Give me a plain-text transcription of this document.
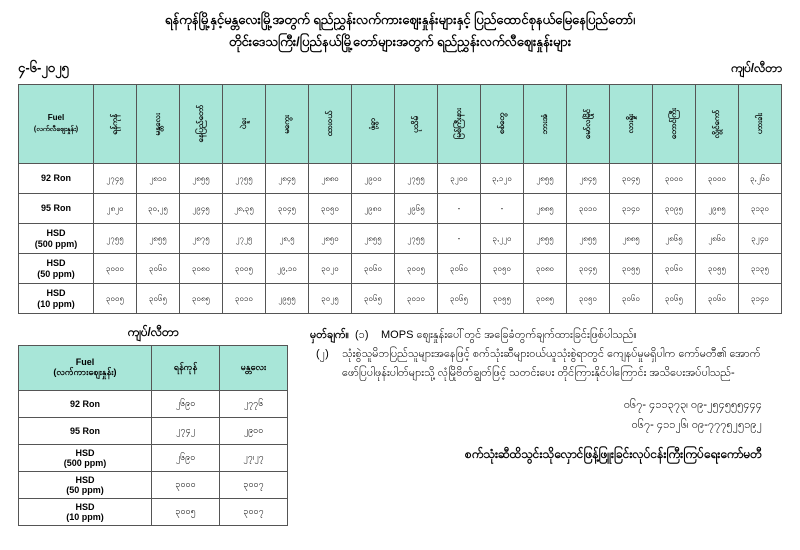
ရန်ကုန်မြို့နှင့်မန္တလေးမြို့အတွက် ရည်ညွှန်းလက်ကားဈေးနှုန်းများနှင့် ပြည်ထောင်စုနယ်မြေနေပြည်တော်၊
တိုင်းဒေသကြီး/ပြည်နယ်မြို့တော်များအတွက် ရည်ညွှန်းလက်လီဈေးနှုန်းများ
၄-၆-၂၀၂၅	ကျပ်/လီတာ
Fuel
(လက်လီဈေးနှုန်း)	ရန်ကုန်	မန္တလေး	နေပြည်တော်	ပဲခူး	မကွေး	ထားဝယ်	ဖုံ့ခွာ	ပုသိမ်	မြစ်ကြီးနား	စစ်တွေ	ဘားအံ	မော်လမြိုင်	လားရှိုး	တောင်ကြီး	လွိုင်ကော်	ဟားခါး

92 Ron	၂၇၄၅	၂၈၁၀	၂၈၅၅	၂၇၅၅	၂၈၄၅	၂၈၈၀	၂၉၀၀	၂၇၅၅	၃၂၀၀	၃,၁၂၀	၂၈၅၅	၂၈၄၅	၃၀၄၅	၃၀၀၀	၃၀၀၀	၃,၂၆၀
95 Ron	၂၈၂၀	၃၀,၂၅	၂၉၄၅	၂၈,၃၅	၃၀၄၅	၃၀၅၀	၂၉၈၀	၂၉၆၅	-	-	၂၈၈၅	၃၀၁၀	၃၁၄၀	၃၀၉၅	၂၉၈၅	၃၁၃၀
HSD
(500 ppm)	၂၇၅၅	၂၈၅၅	၂၈၇၅	၂၇၂၅	၂၈,၅	၂၈၅၀	၂၈၅၅	၂၇၅၅	-	၃,၂၂၀	၂၈၅၅	၂၈၅၅	၂၈၈၅	၂၈၆၅	၂၈၆၀	၃၂၄၀
HSD
(50 ppm)	၃၀၀၀	၃၀၆၀	၃၀၈၀	၃၀၀၅	၂၉,၁၀	၃၀၂၀	၃၀၆၀	၃၀၀၅	၃၀၆၀	၃၀၅၀	၃၀၈၀	၃၀၄၅	၃၀၅၅	၃၀၆၀	၃၀၅၅	၃၁၃၅
HSD
(10 ppm)	၃၀၀၅	၃၀၆၅	၃၀၈၅	၃၀၁၀	၂၉၅၅	၃၀၂၅	၃၀၆၅	၃၀၁၀	၃၀၆၅	၃၀၅၅	၃၀၈၅	၃၀၅၀	၃၀၆၀	၃၀၆၅	၃၀၆၀	၃၁၄၀
ကျပ်/လီတာ
Fuel
(လက်ကားဈေးနှုန်း)	ရန်ကုန်	မန္တလေး
92 Ron	၂၆၉၀	၂၇၇၆
95 Ron	၂၇၄၂	၂၉၀၀
HSD
(500 ppm)	၂၆၉၀	၂၇၊၂၇
HSD
(50 ppm)	၃၀၀၀	၃၀၀၇
HSD
(10 ppm)	၃၀၀၅	၃၀၀၇
မှတ်ချက်။ (၁)	MOPS ဈေးနှုန်းပေါ်တွင် အခြေခံတွက်ချက်ထားခြင်းဖြစ်ပါသည်။
(၂)	သုံးစွဲသူမိဘပြည်သူများအနေဖြင့် စက်သုံးဆီများဝယ်ယူသုံးစွဲရာတွင် ကျေနပ်မှုမရှိပါက ကော်မတီ၏ အောက်ဖော်ပြပါဖုန်းပါတ်များသို့ လုံမြိုဗိတ်ချွတ်ဖြင့် သတင်းပေး တိုင်ကြားနိုင်ပါကြောင်း အသိပေးအပ်ပါသည်-
၀၆၇- ၄၁၁၃၇၃၊ ၀၉-၂၅၄၅၅၅၄၄၄
၀၆၇- ၄၁၁၂၆၊ ၀၉-၇၇၇၅၂၅၁၉၂
စက်သုံးဆီထိသွင်းသိုလှောင်ဖြန့်ဖြူးခြင်းလုပ်ငန်းကြီးကြပ်ရေးကော်မတီ
